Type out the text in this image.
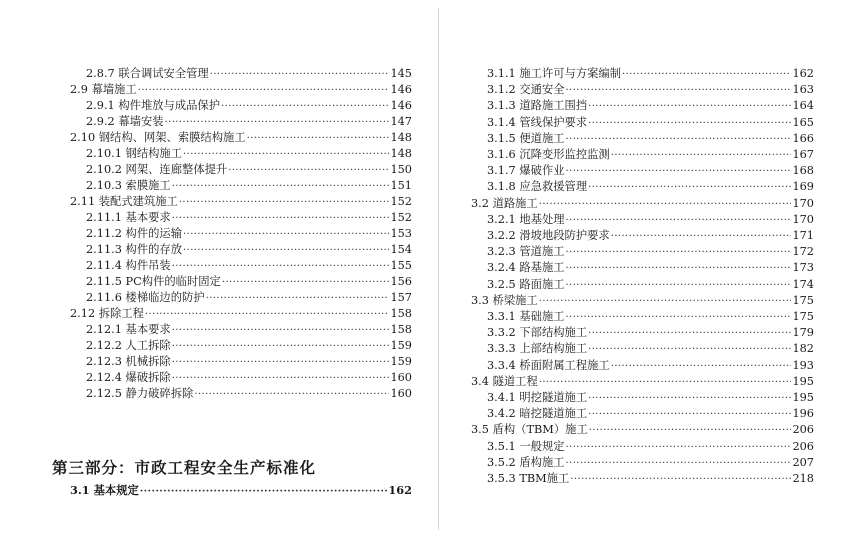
2.8.7 联合调试安全管理 ·····	145
2.9 幕墙施工 ·····	146
2.9.1 构件堆放与成品保护 ·····	146
2.9.2 幕墙安装 ·····	147
2.10 钢结构、网架、索膜结构施工 ·····	148
2.10.1 钢结构施工 ·····	148
2.10.2 网架、连廊整体提升 ·····	150
2.10.3 索膜施工 ·····	151
2.11 装配式建筑施工 ·····	152
2.11.1 基本要求 ·····	152
2.11.2 构件的运输 ·····	153
2.11.3 构件的存放 ·····	154
2.11.4 构件吊装 ·····	155
2.11.5 PC构件的临时固定 ·····	156
2.11.6 楼梯临边的防护 ·····	157
2.12 拆除工程 ·····	158
2.12.1 基本要求 ·····	158
2.12.2 人工拆除 ·····	159
2.12.3 机械拆除 ·····	159
2.12.4 爆破拆除 ·····	160
2.12.5 静力破碎拆除 ·····	160
第三部分：市政工程安全生产标准化
3.1 基本规定 ·····	162
3.1.1 施工许可与方案编制 ·····	162
3.1.2 交通安全 ·····	163
3.1.3 道路施工围挡 ·····	164
3.1.4 管线保护要求 ·····	165
3.1.5 便道施工 ·····	166
3.1.6 沉降变形监控监测 ·····	167
3.1.7 爆破作业 ·····	168
3.1.8 应急救援管理 ·····	169
3.2 道路施工 ·····	170
3.2.1 地基处理 ·····	170
3.2.2 滑坡地段防护要求 ·····	171
3.2.3 管道施工 ·····	172
3.2.4 路基施工 ·····	173
3.2.5 路面施工 ·····	174
3.3 桥梁施工 ·····	175
3.3.1 基础施工 ·····	175
3.3.2 下部结构施工 ·····	179
3.3.3 上部结构施工 ·····	182
3.3.4 桥面附属工程施工 ·····	193
3.4 隧道工程 ·····	195
3.4.1 明挖隧道施工 ·····	195
3.4.2 暗挖隧道施工 ·····	196
3.5 盾构（TBM）施工 ·····	206
3.5.1 一般规定 ·····	206
3.5.2 盾构施工 ·····	207
3.5.3 TBM施工 ·····	218
